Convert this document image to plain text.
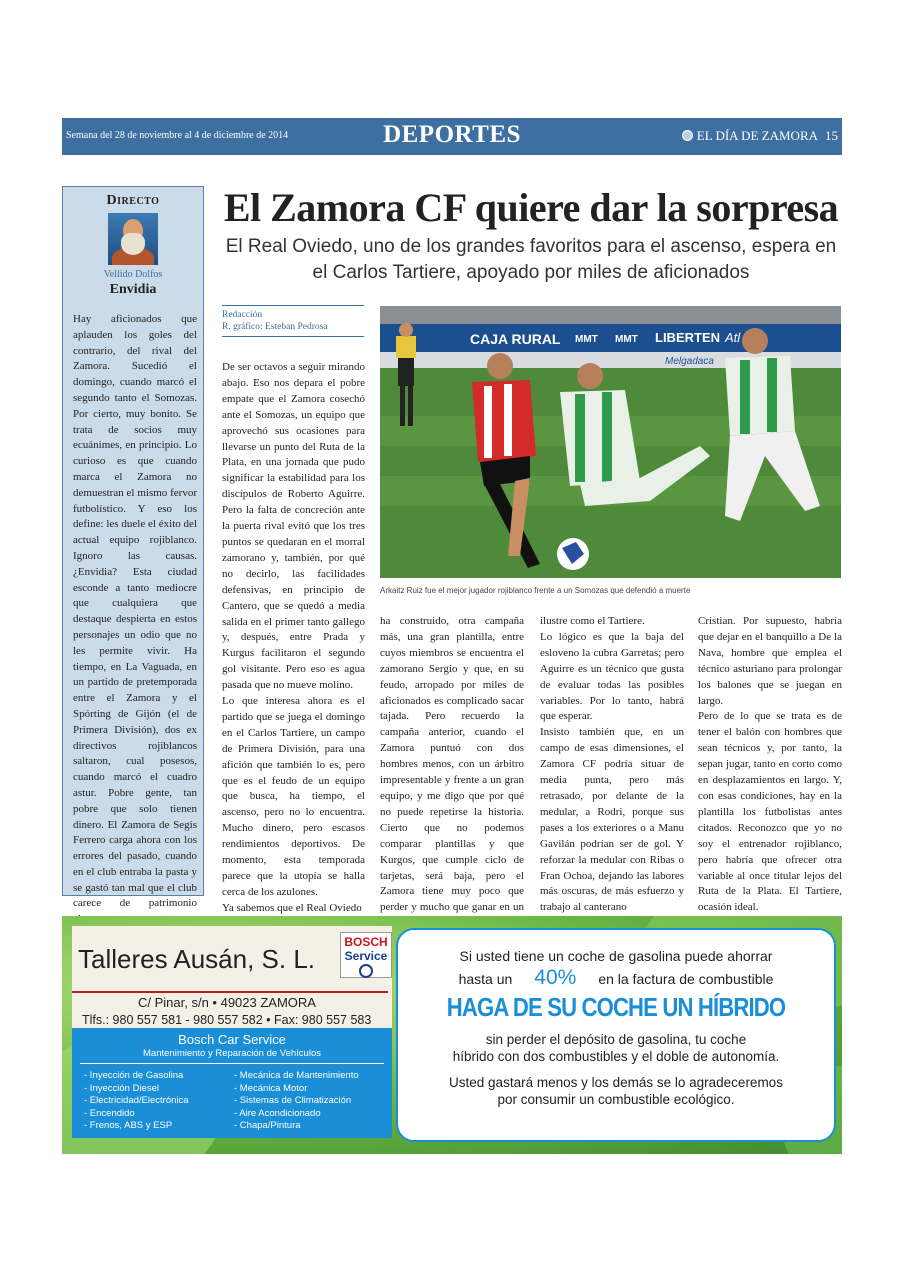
Semana del 28 de noviembre al 4 de diciembre de 2014	DEPORTES	EL DÍA DE ZAMORA 15
Directo
Vellido Dolfos
Envidia
Hay aficionados que aplauden los goles del contrario, del rival del Zamora. Sucedió el domingo, cuando marcó el segundo tanto el Somozas. Por cierto, muy bonito. Se trata de socios muy ecuánimes, en principio. Lo curioso es que cuando marca el Zamora no demuestran el mismo fervor futbolístico. Y eso los define: les duele el éxito del actual equipo rojiblanco. Ignoro las causas. ¿Envidia? Esta ciudad esconde a tanto mediocre que cualquiera que destaque despierta en estos personajes un odio que no les permite vivir. Ha tiempo, en La Vaguada, en un partido de pretemporada entre el Zamora y el Spórting de Gijón (el de Primera División), dos ex directivos rojiblancos saltaron, cual posesos, cuando marcó el cuadro astur. Pobre gente, tan pobre que solo tienen dinero. El Zamora de Segis Ferrero carga ahora con los errores del pasado, cuando en el club entraba la pasta y se gastó tan mal que el club carece de patrimonio
El Zamora CF quiere dar la sorpresa
El Real Oviedo, uno de los grandes favoritos para el ascenso, espera en el Carlos Tartiere, apoyado por miles de aficionados
Redacción
R. gráfico: Esteban Pedrosa
MMT
CAJA RURAL	MMT LIBERTEN Atl
Melgadaca
Arkaitz Ruiz fue el mejor jugador rojiblanco frente a un Somozas que defendió a muerte

De ser octavos a seguir mirando abajo. Eso nos depara el pobre empate que el Zamora cosechó ante el Somozas, un equipo que aprovechó sus ocasiones para llevarse un punto del Ruta de la Plata, en una jornada que pudo significar la estabilidad para los discípulos de Roberto Aguirre. Pero la falta de concreción ante la puerta rival evitó que los tres puntos se quedaran en el morral zamorano y, también, por qué no decirlo, las facilidades defensivas, en principio de Cantero, que se quedó a media salida en el primer tanto gallego y, después, entre Prada y Kurgus facilitaron el segundo gol visitante. Pero eso es agua pasada que no mueve molino.

Lo que interesa ahora es el partido que se juega el domingo en el Carlos Tartiere, un campo de Primera División, para una afición que también lo es, pero que es el feudo de un equipo que busca, ha tiempo, el ascenso, pero no lo encuentra. Mucho dinero, pero escasos rendimientos deportivos. De momento, esta temporada parece que la utopía se halla cerca de los azulones.

Ya sabemos que el Real Oviedo

ha construido, otra campaña más, una gran plantilla, entre cuyos miembros se encuentra el zamorano Sergio y que, en su feudo, arropado por miles de aficionados es complicado sacar tajada. Pero recuerdo la campaña anterior, cuando el Zamora puntuó con dos hombres menos, con un árbitro impresentable y frente a un gran equipo, y me digo que por qué no puede repetirse la historia. Cierto que no podemos comparar plantillas y que Kurgos, que cumple ciclo de tarjetas, será baja, pero el Zamora tiene muy poco que perder y mucho que ganar en un

ilustre como el Tartiere.

Lo lógico es que la baja del esloveno la cubra Garretas; pero Aguirre es un técnico que gusta de evaluar todas las posibles variables. Por lo tanto, habrá que esperar.

Insisto también que, en un campo de esas dimensiones, el Zamora CF podría situar de media punta, pero más retrasado, por delante de la medular, a Rodri, porque sus pases a los exteriores o a Manu Gavilán podrían ser de gol. Y reforzar la medular con Ribas o Fran Ochoa, dejando las labores más oscuras, de más esfuerzo y trabajo al canterano

Cristian. Por supuesto, habría que dejar en el banquillo a De la Nava, hombre que emplea el técnico asturiano para prolongar los balones que se juegan en largo.

Pero de lo que se trata es de tener el balón con hombres que sean técnicos y, por tanto, la sepan jugar, tanto en corto como en desplazamientos en largo. Y, con esas condiciones, hay en la plantilla los futbolistas antes citados. Reconozco que yo no soy el entrenador rojiblanco, pero habría que ofrecer otra variable al once titular lejos del Ruta de la Plata. El Tartiere, ocasión ideal.

Talleres Ausán, S. L.
BOSCH
Service
C/ Pinar, s/n • 49023 ZAMORA
Tlfs.: 980 557 581 - 980 557 582 • Fax: 980 557 583
Bosch Car Service
Mantenimiento y Reparación de Vehículos
- Inyección de Gasolina
- Inyección Diesel
- Electricidad/Electrónica
- Encendido
- Frenos, ABS y ESP
- Mecánica de Mantenimiento
- Mecánica Motor
- Sistemas de Climatización
- Aire Acondicionado
- Chapa/Pintura
Si usted tiene un coche de gasolina puede ahorrar
hasta un 40% en la factura de combustible
HAGA DE SU COCHE UN HÍBRIDO
sin perder el depósito de gasolina, tu coche
híbrido con dos combustibles y el doble de autonomía.
Usted gastará menos y los demás se lo agradeceremos
por consumir un combustible ecológico.
